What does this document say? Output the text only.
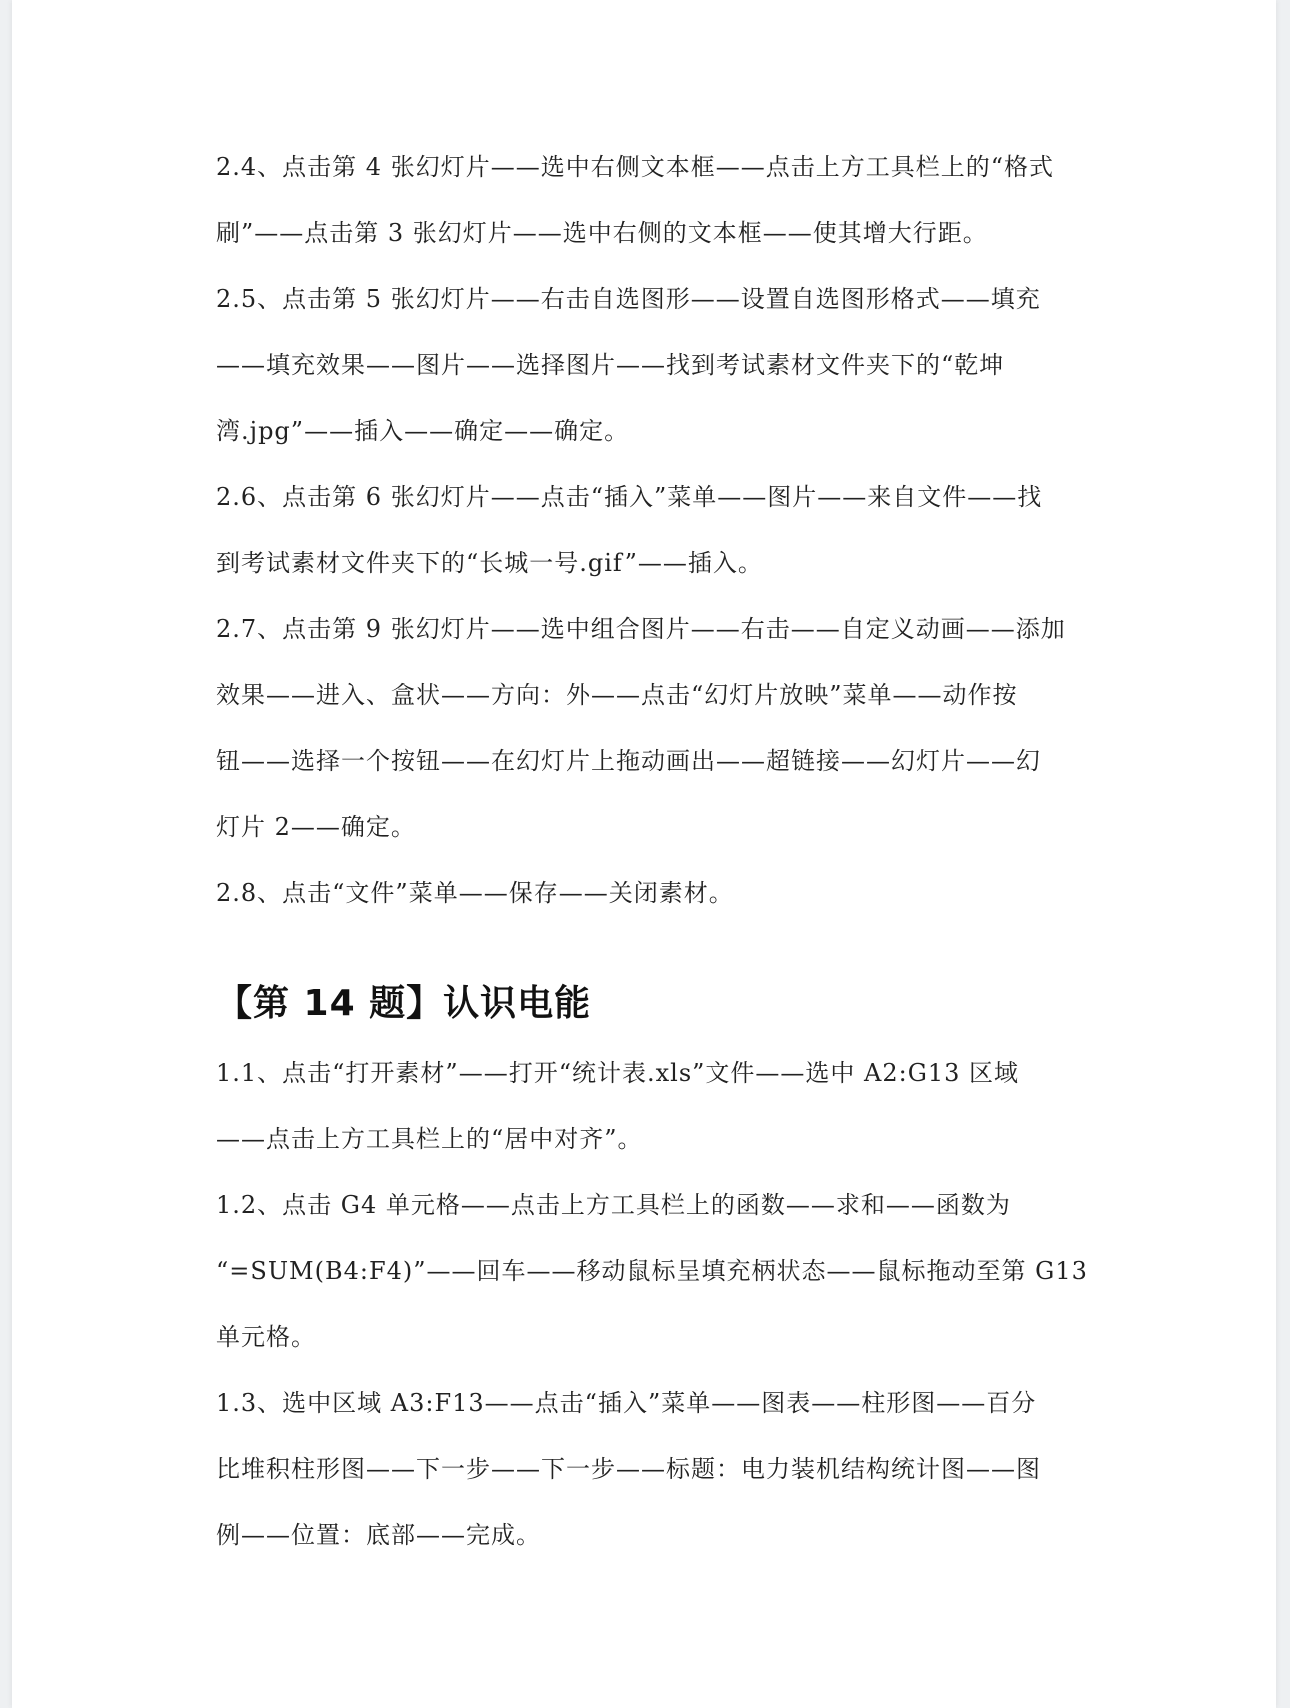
2.4、点击第 4 张幻灯片——选中右侧文本框——点击上方工具栏上的“格式

刷”——点击第 3 张幻灯片——选中右侧的文本框——使其增大行距。

2.5、点击第 5 张幻灯片——右击自选图形——设置自选图形格式——填充

——填充效果——图片——选择图片——找到考试素材文件夹下的“乾坤

湾.jpg”——插入——确定——确定。

2.6、点击第 6 张幻灯片——点击“插入”菜单——图片——来自文件——找

到考试素材文件夹下的“长城一号.gif”——插入。

2.7、点击第 9 张幻灯片——选中组合图片——右击——自定义动画——添加

效果——进入、盒状——方向：外——点击“幻灯片放映”菜单——动作按

钮——选择一个按钮——在幻灯片上拖动画出——超链接——幻灯片——幻

灯片 2——确定。

2.8、点击“文件”菜单——保存——关闭素材。

【第 14 题】认识电能

1.1、点击“打开素材”——打开“统计表.xls”文件——选中 A2:G13 区域

——点击上方工具栏上的“居中对齐”。

1.2、点击 G4 单元格——点击上方工具栏上的函数——求和——函数为

“=SUM(B4:F4)”——回车——移动鼠标呈填充柄状态——鼠标拖动至第 G13

单元格。

1.3、选中区域 A3:F13——点击“插入”菜单——图表——柱形图——百分

比堆积柱形图——下一步——下一步——标题：电力装机结构统计图——图

例——位置：底部——完成。
